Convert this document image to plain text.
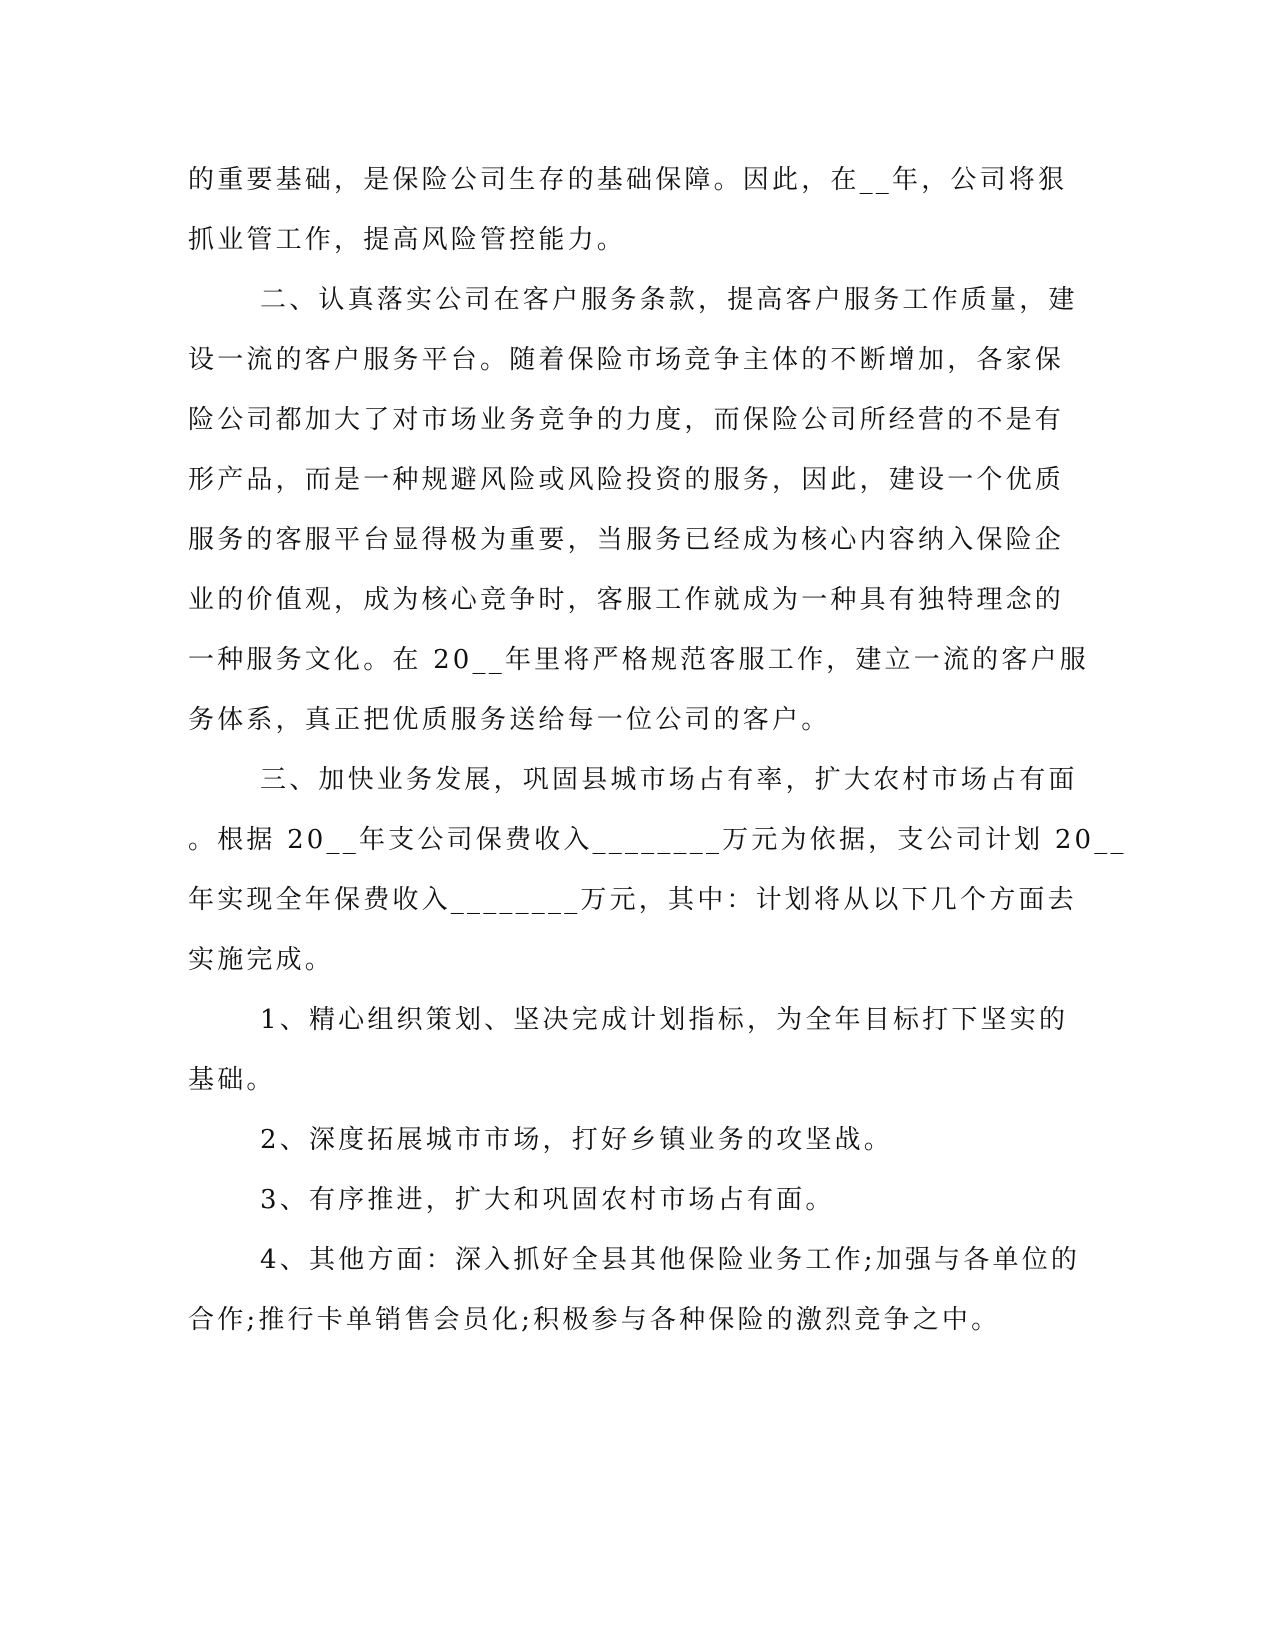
的重要基础，是保险公司生存的基础保障。因此，在__年，公司将狠
抓业管工作，提高风险管控能力。
二、认真落实公司在客户服务条款，提高客户服务工作质量，建
设一流的客户服务平台。随着保险市场竞争主体的不断增加，各家保
险公司都加大了对市场业务竞争的力度，而保险公司所经营的不是有
形产品，而是一种规避风险或风险投资的服务，因此，建设一个优质
服务的客服平台显得极为重要，当服务已经成为核心内容纳入保险企
业的价值观，成为核心竞争时，客服工作就成为一种具有独特理念的
一种服务文化。在 20__年里将严格规范客服工作，建立一流的客户服
务体系，真正把优质服务送给每一位公司的客户。
三、加快业务发展，巩固县城市场占有率，扩大农村市场占有面
。根据 20__年支公司保费收入________万元为依据，支公司计划 20__
年实现全年保费收入________万元，其中：计划将从以下几个方面去
实施完成。
1、精心组织策划、坚决完成计划指标，为全年目标打下坚实的
基础。
2、深度拓展城市市场，打好乡镇业务的攻坚战。
3、有序推进，扩大和巩固农村市场占有面。
4、其他方面：深入抓好全县其他保险业务工作;加强与各单位的
合作;推行卡单销售会员化;积极参与各种保险的激烈竞争之中。
